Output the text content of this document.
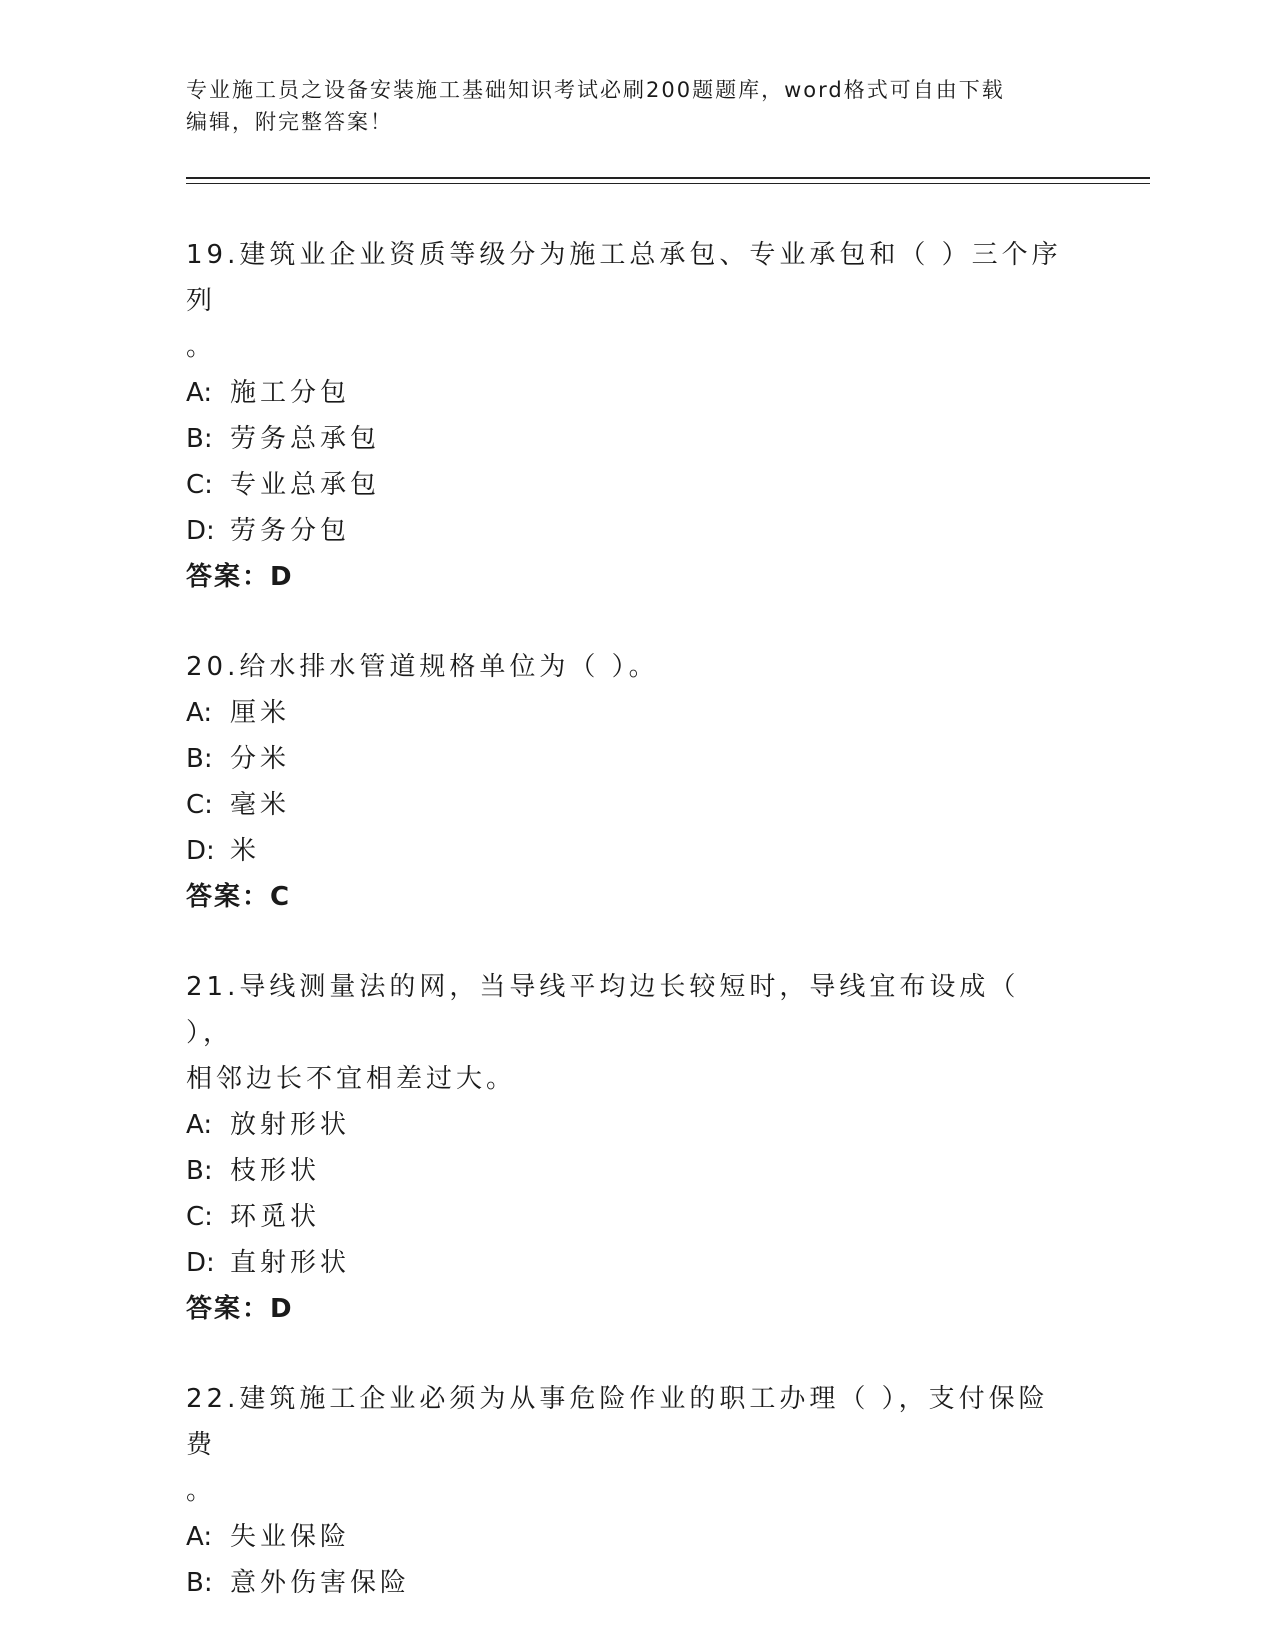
专业施工员之设备安装施工基础知识考试必刷200题题库，word格式可自由下载
编辑，附完整答案！
19.建筑业企业资质等级分为施工总承包、专业承包和（ ）三个序列
。
A: 施工分包
B: 劳务总承包
C: 专业总承包
D: 劳务分包
答案：D
20.给水排水管道规格单位为（ ）。
A: 厘米
B: 分米
C: 毫米
D: 米
答案：C
21.导线测量法的网，当导线平均边长较短时，导线宜布设成（ ），
相邻边长不宜相差过大。
A: 放射形状
B: 枝形状
C: 环觅状
D: 直射形状
答案：D
22.建筑施工企业必须为从事危险作业的职工办理（ ），支付保险费
。
A: 失业保险
B: 意外伤害保险
